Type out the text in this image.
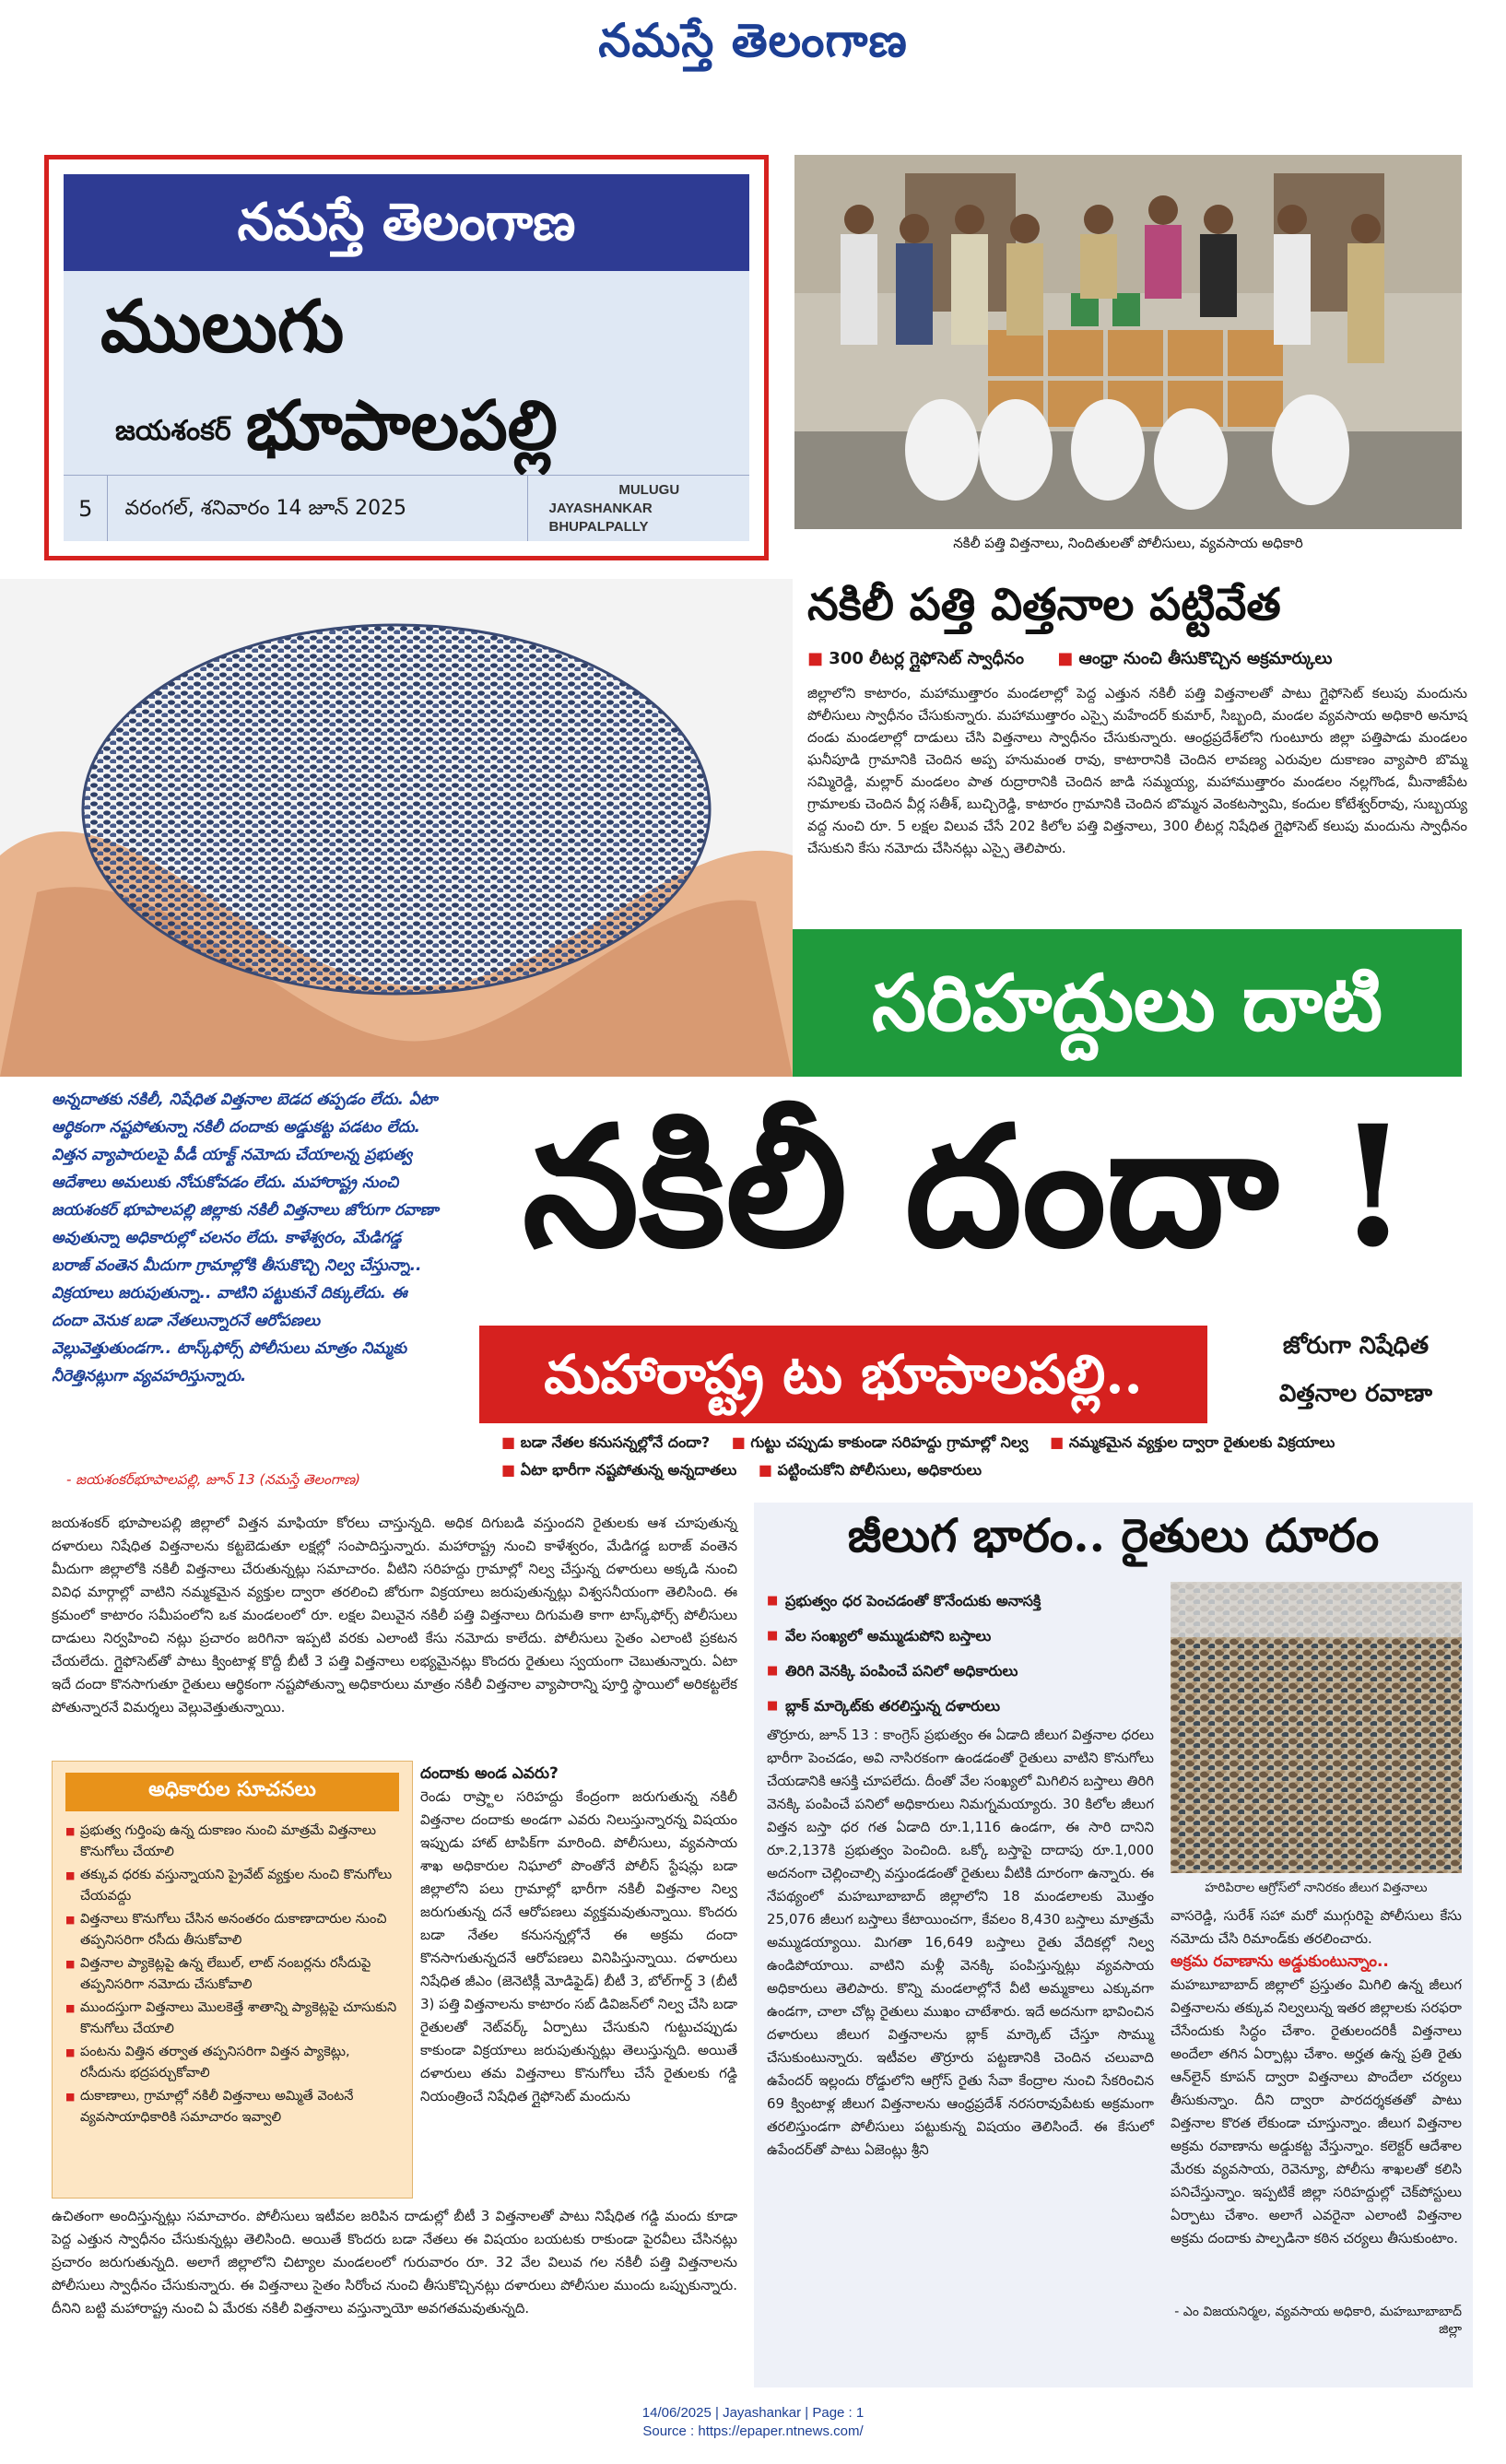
నమస్తే తెలంగాణ
నమస్తే తెలంగాణ
ములుగు
జయశంకర్ భూపాలపల్లి
5	వరంగల్, శనివారం 14 జూన్ 2025
MULUGU
JAYASHANKAR BHUPALPALLY
నకిలీ పత్తి విత్తనాలు, నిందితులతో పోలీసులు, వ్యవసాయ అధికారి
నకిలీ పత్తి విత్తనాల పట్టివేత
■ 300 లీటర్ల గ్లైఫోసెట్ స్వాధీనం ■ ఆంధ్రా నుంచి తీసుకొచ్చిన అక్రమార్కులు
జిల్లాలోని కాటారం, మహాముత్తారం మండలాల్లో పెద్ద ఎత్తున నకిలీ పత్తి విత్తనాలతో పాటు గ్లైఫోసెట్ కలుపు మందును పోలీసులు స్వాధీనం చేసుకున్నారు. మహాముత్తారం ఎస్సై మహేందర్ కుమార్, సిబ్బంది, మండల వ్యవసాయ అధికారి అనూష దండు మండలాల్లో దాడులు చేసి విత్తనాలు స్వాధీనం చేసుకున్నారు. ఆంధ్రప్రదేశ్‌లోని గుంటూరు జిల్లా పత్తిపాడు మండలం ఘనీపూడి గ్రామానికి చెందిన అప్ప హనుమంత రావు, కాటారానికి చెందిన లావణ్య ఎరువుల దుకాణం వ్యాపారి బొమ్మ సమ్మిరెడ్డి, మల్లార్ మండలం పాత రుద్రారానికి చెందిన జాడి సమ్మయ్య, మహాముత్తారం మండలం నల్లగొండ, మీనాజీపేట గ్రామాలకు చెందిన వీర్ల సతీశ్, బుచ్చిరెడ్డి, కాటారం గ్రామానికి చెందిన బొమ్మన వెంకటస్వామి, కందుల కోటేశ్వర్‌రావు, సుబ్బయ్య వద్ద నుంచి రూ. 5 లక్షల విలువ చేసే 202 కిలోల పత్తి విత్తనాలు, 300 లీటర్ల నిషేధిత గ్లైఫోసెట్ కలుపు మందును స్వాధీనం చేసుకుని కేసు నమోదు చేసినట్లు ఎస్సై తెలిపారు.
సరిహద్దులు దాటి
అన్నదాతకు నకిలీ, నిషేధిత విత్తనాల బెడద తప్పడం లేదు. ఏటా ఆర్థికంగా నష్టపోతున్నా నకిలీ దందాకు అడ్డుకట్ట పడటం లేదు. విత్తన వ్యాపారులపై పీడీ యాక్ట్ నమోదు చేయాలన్న ప్రభుత్వ ఆదేశాలు అమలుకు నోచుకోవడం లేదు. మహారాష్ట్ర నుంచి జయశంకర్ భూపాలపల్లి జిల్లాకు నకిలీ విత్తనాలు జోరుగా రవాణా అవుతున్నా అధికారుల్లో చలనం లేదు. కాళేశ్వరం, మేడిగడ్డ బరాజ్ వంతెన మీదుగా గ్రామాల్లోకి తీసుకొచ్చి నిల్వ చేస్తున్నా.. విక్రయాలు జరుపుతున్నా.. వాటిని పట్టుకునే దిక్కులేదు. ఈ దందా వెనుక బడా నేతలున్నారనే ఆరోపణలు వెల్లువెత్తుతుండగా.. టాస్క్‌ఫోర్స్ పోలీసులు మాత్రం నిమ్మకు నీరెత్తినట్లుగా వ్యవహరిస్తున్నారు.
- జయశంకర్‌భూపాలపల్లి, జూన్ 13 (నమస్తే తెలంగాణ)
నకిలీ దందా !
మహారాష్ట్ర టు భూపాలపల్లి..	జోరుగా నిషేధిత
విత్తనాల రవాణా
■ బడా నేతల కనుసన్నల్లోనే దందా? ■ గుట్టు చప్పుడు కాకుండా సరిహద్దు గ్రామాల్లో నిల్వ ■ నమ్మకమైన వ్యక్తుల ద్వారా రైతులకు విక్రయాలు ■ ఏటా భారీగా నష్టపోతున్న అన్నదాతలు ■ పట్టించుకోని పోలీసులు, అధికారులు
జయశంకర్ భూపాలపల్లి జిల్లాలో విత్తన మాఫియా కోరలు చాస్తున్నది. అధిక దిగుబడి వస్తుందని రైతులకు ఆశ చూపుతున్న దళారులు నిషేధిత విత్తనాలను కట్టబెడుతూ లక్షల్లో సంపాదిస్తున్నారు. మహారాష్ట్ర నుంచి కాళేశ్వరం, మేడిగడ్డ బరాజ్ వంతెన మీదుగా జిల్లాలోకి నకిలీ విత్తనాలు చేరుతున్నట్లు సమాచారం. వీటిని సరిహద్దు గ్రామాల్లో నిల్వ చేస్తున్న దళారులు అక్కడి నుంచి వివిధ మార్గాల్లో వాటిని నమ్మకమైన వ్యక్తుల ద్వారా తరలించి జోరుగా విక్రయాలు జరుపుతున్నట్లు విశ్వసనీయంగా తెలిసింది. ఈ క్రమంలో కాటారం సమీపంలోని ఒక మండలంలో రూ. లక్షల విలువైన నకిలీ పత్తి విత్తనాలు దిగుమతి కాగా టాస్క్‌ఫోర్స్ పోలీసులు దాడులు నిర్వహించి నట్లు ప్రచారం జరిగినా ఇప్పటి వరకు ఎలాంటి కేసు నమోదు కాలేదు. పోలీసులు సైతం ఎలాంటి ప్రకటన చేయలేదు. గ్లైఫోసెట్‌తో పాటు క్వింటాళ్ల కొద్దీ బీటీ 3 పత్తి విత్తనాలు లభ్యమైనట్లు కొందరు రైతులు స్వయంగా చెబుతున్నారు. ఏటా ఇదే దందా కొనసాగుతూ రైతులు ఆర్థికంగా నష్టపోతున్నా అధికారులు మాత్రం నకిలీ విత్తనాల వ్యాపారాన్ని పూర్తి స్థాయిలో అరికట్టలేక పోతున్నారనే విమర్శలు వెల్లువెత్తుతున్నాయి.
అధికారుల సూచనలు
■ ప్రభుత్వ గుర్తింపు ఉన్న దుకాణం నుంచి మాత్రమే విత్తనాలు కొనుగోలు చేయాలి
■ తక్కువ ధరకు వస్తున్నాయని ప్రైవేట్ వ్యక్తుల నుంచి కొనుగోలు చేయవద్దు
■ విత్తనాలు కొనుగోలు చేసిన అనంతరం దుకాణాదారుల నుంచి తప్పనిసరిగా రసీదు తీసుకోవాలి
■ విత్తనాల ప్యాకెట్లపై ఉన్న లేబుల్, లాట్ నంబర్లను రసీదుపై తప్పనిసరిగా నమోదు చేసుకోవాలి
■ ముందస్తుగా విత్తనాలు మొలకెత్తే శాతాన్ని ప్యాకెట్లపై చూసుకుని కొనుగోలు చేయాలి
■ పంటను విత్తిన తర్వాత తప్పనిసరిగా విత్తన ప్యాకెట్లు, రసీదును భద్రపర్చుకోవాలి
■ దుకాణాలు, గ్రామాల్లో నకిలీ విత్తనాలు అమ్మితే వెంటనే వ్యవసాయాధికారికి సమాచారం ఇవ్వాలి
దందాకు అండ ఎవరు?
రెండు రాష్ర్టాల సరిహద్దు కేంద్రంగా జరుగుతున్న నకిలీ విత్తనాల దందాకు అండగా ఎవరు నిలుస్తున్నారన్న విషయం ఇప్పుడు హాట్ టాపిక్‌గా మారింది. పోలీసులు, వ్యవసాయ శాఖ అధికారుల నిఘాలో పొంతోనే పోలీస్ స్టేషన్లు బడా జిల్లాలోని పలు గ్రామాల్లో భారీగా నకిలీ విత్తనాల నిల్వ జరుగుతున్న దనే ఆరోపణలు వ్యక్తమవుతున్నాయి. కొందరు బడా నేతల కనుసన్నల్లోనే ఈ అక్రమ దందా కొనసాగుతున్నదనే ఆరోపణలు వినిపిస్తున్నాయి. దళారులు నిషేధిత జీఎం (జెనెటిక్లీ మోడిఫైడ్) బీటీ 3, బోల్‌గార్డ్ 3 (బీటీ 3) పత్తి విత్తనాలను కాటారం సబ్ డివిజన్‌లో నిల్వ చేసి బడా రైతులతో నెట్‌వర్క్ ఏర్పాటు చేసుకుని గుట్టుచప్పుడు కాకుండా విక్రయాలు జరుపుతున్నట్లు తెలుస్తున్నది. అయితే దళారులు తమ విత్తనాలు కొనుగోలు చేసే రైతులకు గడ్డి నియంత్రించే నిషేధిత గ్లైఫోసెట్ మందును
ఉచితంగా అందిస్తున్నట్లు సమాచారం. పోలీసులు ఇటీవల జరిపిన దాడుల్లో బీటీ 3 విత్తనాలతో పాటు నిషేధిత గడ్డి మందు కూడా పెద్ద ఎత్తున స్వాధీనం చేసుకున్నట్లు తెలిసింది. అయితే కొందరు బడా నేతలు ఈ విషయం బయటకు రాకుండా పైరవీలు చేసినట్లు ప్రచారం జరుగుతున్నది. అలాగే జిల్లాలోని చిట్యాల మండలంలో గురువారం రూ. 32 వేల విలువ గల నకిలీ పత్తి విత్తనాలను పోలీసులు స్వాధీనం చేసుకున్నారు. ఈ విత్తనాలు సైతం సిరోంచ నుంచి తీసుకొచ్చినట్లు దళారులు పోలీసుల ముందు ఒప్పుకున్నారు. దీనిని బట్టి మహారాష్ట్ర నుంచి ఏ మేరకు నకిలీ విత్తనాలు వస్తున్నాయో అవగతమవుతున్నది.
జీలుగ భారం.. రైతులు దూరం
■ ప్రభుత్వం ధర పెంచడంతో కొనేందుకు అనాసక్తి
■ వేల సంఖ్యలో అమ్ముడుపోని బస్తాలు
■ తిరిగి వెనక్కి పంపించే పనిలో అధికారులు
■ బ్లాక్ మార్కెట్‌కు తరలిస్తున్న దళారులు
హరిపిరాల ఆగ్రోస్‌లో నానిరకం జీలుగ విత్తనాలు
తొర్రూరు, జూన్ 13 : కాంగ్రెస్ ప్రభుత్వం ఈ ఏడాది జీలుగ విత్తనాల ధరలు భారీగా పెంచడం, అవి నాసిరకంగా ఉండడంతో రైతులు వాటిని కొనుగోలు చేయడానికి ఆసక్తి చూపలేదు. దీంతో వేల సంఖ్యలో మిగిలిన బస్తాలు తిరిగి వెనక్కి పంపించే పనిలో అధికారులు నిమగ్నమయ్యారు. 30 కిలోల జీలుగ విత్తన బస్తా ధర గత ఏడాది రూ.1,116 ఉండగా, ఈ సారి దానిని రూ.2,137కి ప్రభుత్వం పెంచింది. ఒక్కో బస్తాపై దాదాపు రూ.1,000 అదనంగా చెల్లించాల్సి వస్తుండడంతో రైతులు వీటికి దూరంగా ఉన్నారు. ఈ నేపథ్యంలో మహబూబాబాద్ జిల్లాలోని 18 మండలాలకు మొత్తం 25,076 జీలుగ బస్తాలు కేటాయించగా, కేవలం 8,430 బస్తాలు మాత్రమే అమ్ముడయ్యాయి. మిగతా 16,649 బస్తాలు రైతు వేదికల్లో నిల్వ ఉండిపోయాయి. వాటిని మళ్లీ వెనక్కి పంపిస్తున్నట్లు వ్యవసాయ అధికారులు తెలిపారు. కొన్ని మండలాల్లోనే వీటి అమ్మకాలు ఎక్కువగా ఉండగా, చాలా చోట్ల రైతులు ముఖం చాటేశారు. ఇదే అదనుగా భావించిన దళారులు జీలుగ విత్తనాలను బ్లాక్ మార్కెట్ చేస్తూ సొమ్ము చేసుకుంటున్నారు. ఇటీవల తొర్రూరు పట్టణానికి చెందిన చలువాది ఉపేందర్ ఇల్లందు రోడ్డులోని ఆగ్రోస్ రైతు సేవా కేంద్రాల నుంచి సేకరించిన 69 క్వింటాళ్ల జీలుగ విత్తనాలను ఆంధ్రప్రదేశ్ నరసరావుపేటకు అక్రమంగా తరలిస్తుండగా పోలీసులు పట్టుకున్న విషయం తెలిసిందే. ఈ కేసులో ఉపేందర్‌తో పాటు ఏజెంట్లు శ్రీని
వాసరెడ్డి, సురేశ్ సహా మరో ముగ్గురిపై పోలీసులు కేసు నమోదు చేసి రిమాండ్‌కు తరలించారు.
అక్రమ రవాణాను అడ్డుకుంటున్నాం..
మహబూబాబాద్ జిల్లాలో ప్రస్తుతం మిగిలి ఉన్న జీలుగ విత్తనాలను తక్కువ నిల్వలున్న ఇతర జిల్లాలకు సరఫరా చేసేందుకు సిద్ధం చేశాం. రైతులందరికీ విత్తనాలు అందేలా తగిన ఏర్పాట్లు చేశాం. అర్హత ఉన్న ప్రతి రైతు ఆన్‌లైన్ కూపన్ ద్వారా విత్తనాలు పొందేలా చర్యలు తీసుకున్నాం. దీని ద్వారా పారదర్శకతతో పాటు విత్తనాల కొరత లేకుండా చూస్తున్నాం. జీలుగ విత్తనాల అక్రమ రవాణాను అడ్డుకట్ట వేస్తున్నాం. కలెక్టర్ ఆదేశాల మేరకు వ్యవసాయ, రెవెన్యూ, పోలీసు శాఖలతో కలిసి పనిచేస్తున్నాం. ఇప్పటికే జిల్లా సరిహద్దుల్లో చెక్‌పోస్టులు ఏర్పాటు చేశాం. అలాగే ఎవరైనా ఎలాంటి విత్తనాల అక్రమ దందాకు పాల్పడినా కఠిన చర్యలు తీసుకుంటాం.
- ఎం విజయనిర్మల, వ్యవసాయ అధికారి, మహబూబాబాద్ జిల్లా
14/06/2025 | Jayashankar | Page : 1
Source : https://epaper.ntnews.com/
